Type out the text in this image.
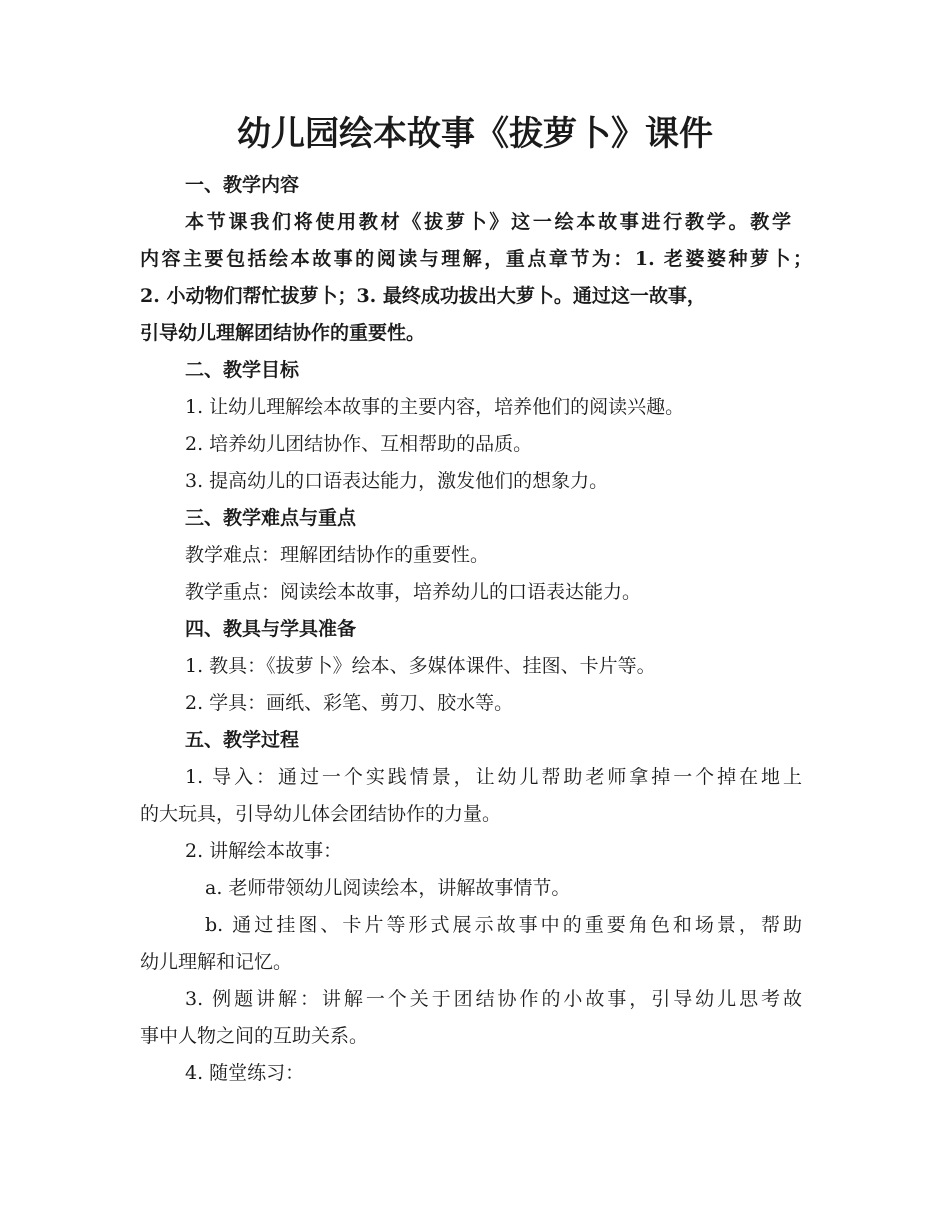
幼儿园绘本故事《拔萝卜》课件
一、教学内容
本节课我们将使用教材《拔萝卜》这一绘本故事进行教学。教学
内容主要包括绘本故事的阅读与理解，重点章节为：1. 老婆婆种萝卜；
2. 小动物们帮忙拔萝卜；3. 最终成功拔出大萝卜。通过这一故事，
引导幼儿理解团结协作的重要性。
二、教学目标
1. 让幼儿理解绘本故事的主要内容，培养他们的阅读兴趣。
2. 培养幼儿团结协作、互相帮助的品质。
3. 提高幼儿的口语表达能力，激发他们的想象力。
三、教学难点与重点
教学难点：理解团结协作的重要性。
教学重点：阅读绘本故事，培养幼儿的口语表达能力。
四、教具与学具准备
1. 教具：《拔萝卜》绘本、多媒体课件、挂图、卡片等。
2. 学具：画纸、彩笔、剪刀、胶水等。
五、教学过程
1. 导入：通过一个实践情景，让幼儿帮助老师拿掉一个掉在地上
的大玩具，引导幼儿体会团结协作的力量。
2. 讲解绘本故事：
a. 老师带领幼儿阅读绘本，讲解故事情节。
b. 通过挂图、卡片等形式展示故事中的重要角色和场景，帮助
幼儿理解和记忆。
3. 例题讲解：讲解一个关于团结协作的小故事，引导幼儿思考故
事中人物之间的互助关系。
4. 随堂练习：
